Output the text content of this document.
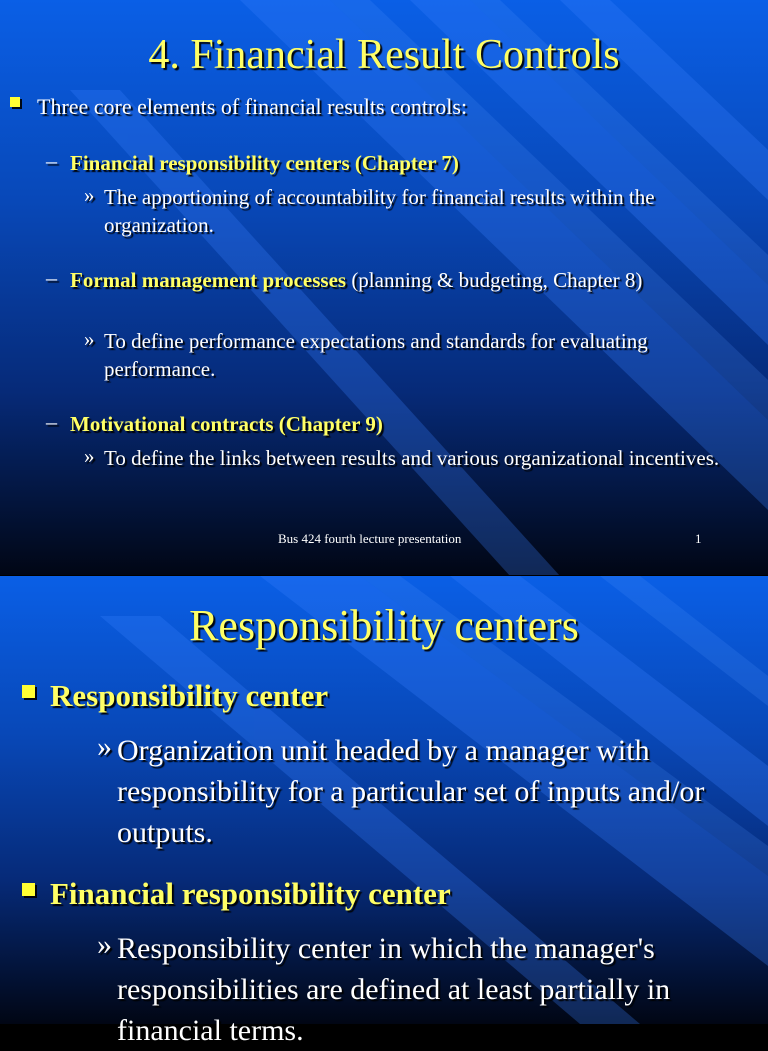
4. Financial Result Controls
Three core elements of financial results controls:
– Financial responsibility centers (Chapter 7)
» The apportioning of accountability for financial results within the organization.
– Formal management processes (planning & budgeting, Chapter 8)
» To define performance expectations and standards for evaluating performance.
– Motivational contracts (Chapter 9)
» To define the links between results and various organizational incentives.
Bus 424 fourth lecture presentation	1
Responsibility centers
Responsibility center
» Organization unit headed by a manager with responsibility for a particular set of inputs and/or outputs.
Financial responsibility center
» Responsibility center in which the manager's responsibilities are defined at least partially in financial terms.
